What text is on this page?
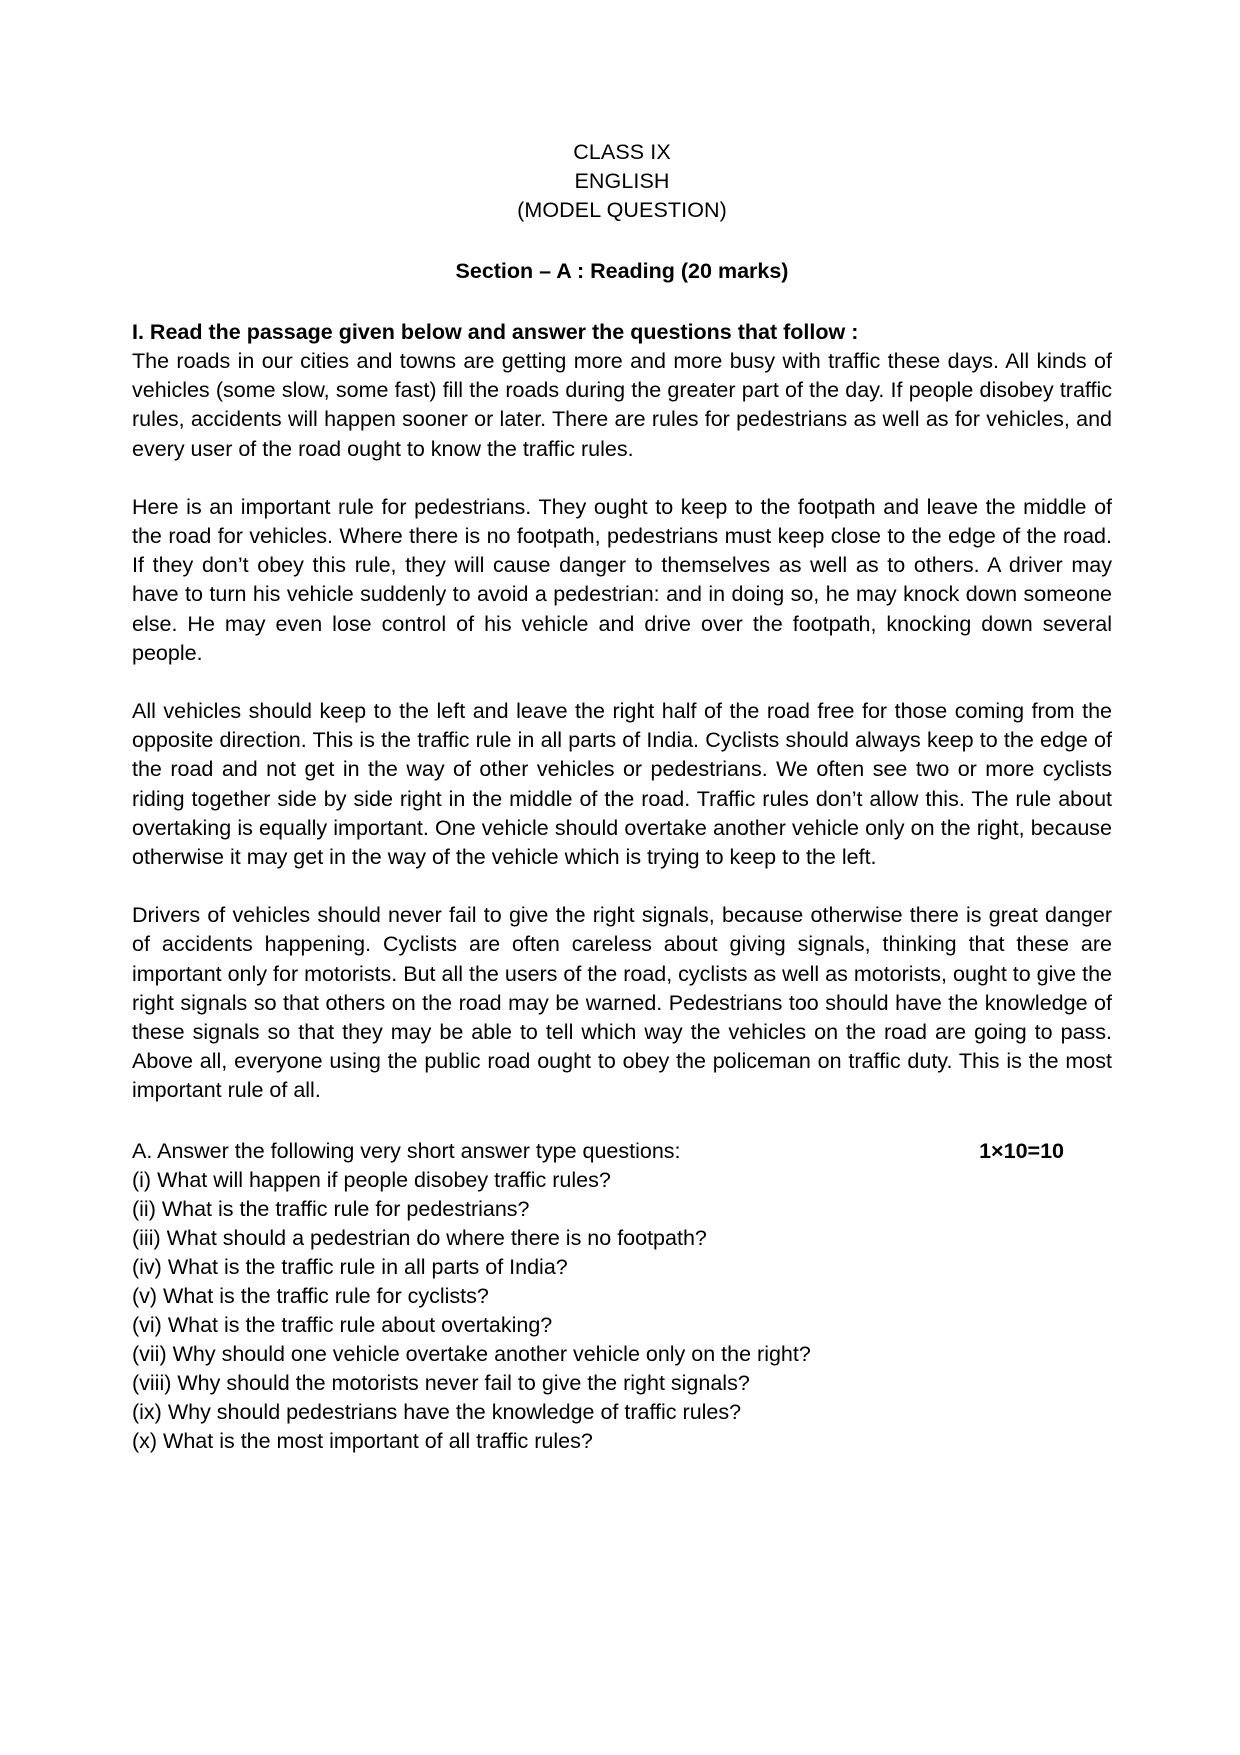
CLASS IX
ENGLISH
(MODEL QUESTION)
Section – A : Reading (20 marks)
I. Read the passage given below and answer the questions that follow :

The roads in our cities and towns are getting more and more busy with traffic these days. All kinds of vehicles (some slow, some fast) fill the roads during the greater part of the day. If people disobey traffic rules, accidents will happen sooner or later. There are rules for pedestrians as well as for vehicles, and every user of the road ought to know the traffic rules.

Here is an important rule for pedestrians. They ought to keep to the footpath and leave the middle of the road for vehicles. Where there is no footpath, pedestrians must keep close to the edge of the road. If they don’t obey this rule, they will cause danger to themselves as well as to others. A driver may have to turn his vehicle suddenly to avoid a pedestrian: and in doing so, he may knock down someone else. He may even lose control of his vehicle and drive over the footpath, knocking down several people.

All vehicles should keep to the left and leave the right half of the road free for those coming from the opposite direction. This is the traffic rule in all parts of India. Cyclists should always keep to the edge of the road and not get in the way of other vehicles or pedestrians. We often see two or more cyclists riding together side by side right in the middle of the road. Traffic rules don’t allow this. The rule about overtaking is equally important. One vehicle should overtake another vehicle only on the right, because otherwise it may get in the way of the vehicle which is trying to keep to the left.

Drivers of vehicles should never fail to give the right signals, because otherwise there is great danger of accidents happening. Cyclists are often careless about giving signals, thinking that these are important only for motorists. But all the users of the road, cyclists as well as motorists, ought to give the right signals so that others on the road may be warned. Pedestrians too should have the knowledge of these signals so that they may be able to tell which way the vehicles on the road are going to pass. Above all, everyone using the public road ought to obey the policeman on traffic duty. This is the most important rule of all.

A. Answer the following very short answer type questions:	1×10=10
(i) What will happen if people disobey traffic rules?
(ii) What is the traffic rule for pedestrians?
(iii) What should a pedestrian do where there is no footpath?
(iv) What is the traffic rule in all parts of India?
(v) What is the traffic rule for cyclists?
(vi) What is the traffic rule about overtaking?
(vii) Why should one vehicle overtake another vehicle only on the right?
(viii) Why should the motorists never fail to give the right signals?
(ix) Why should pedestrians have the knowledge of traffic rules?
(x) What is the most important of all traffic rules?
